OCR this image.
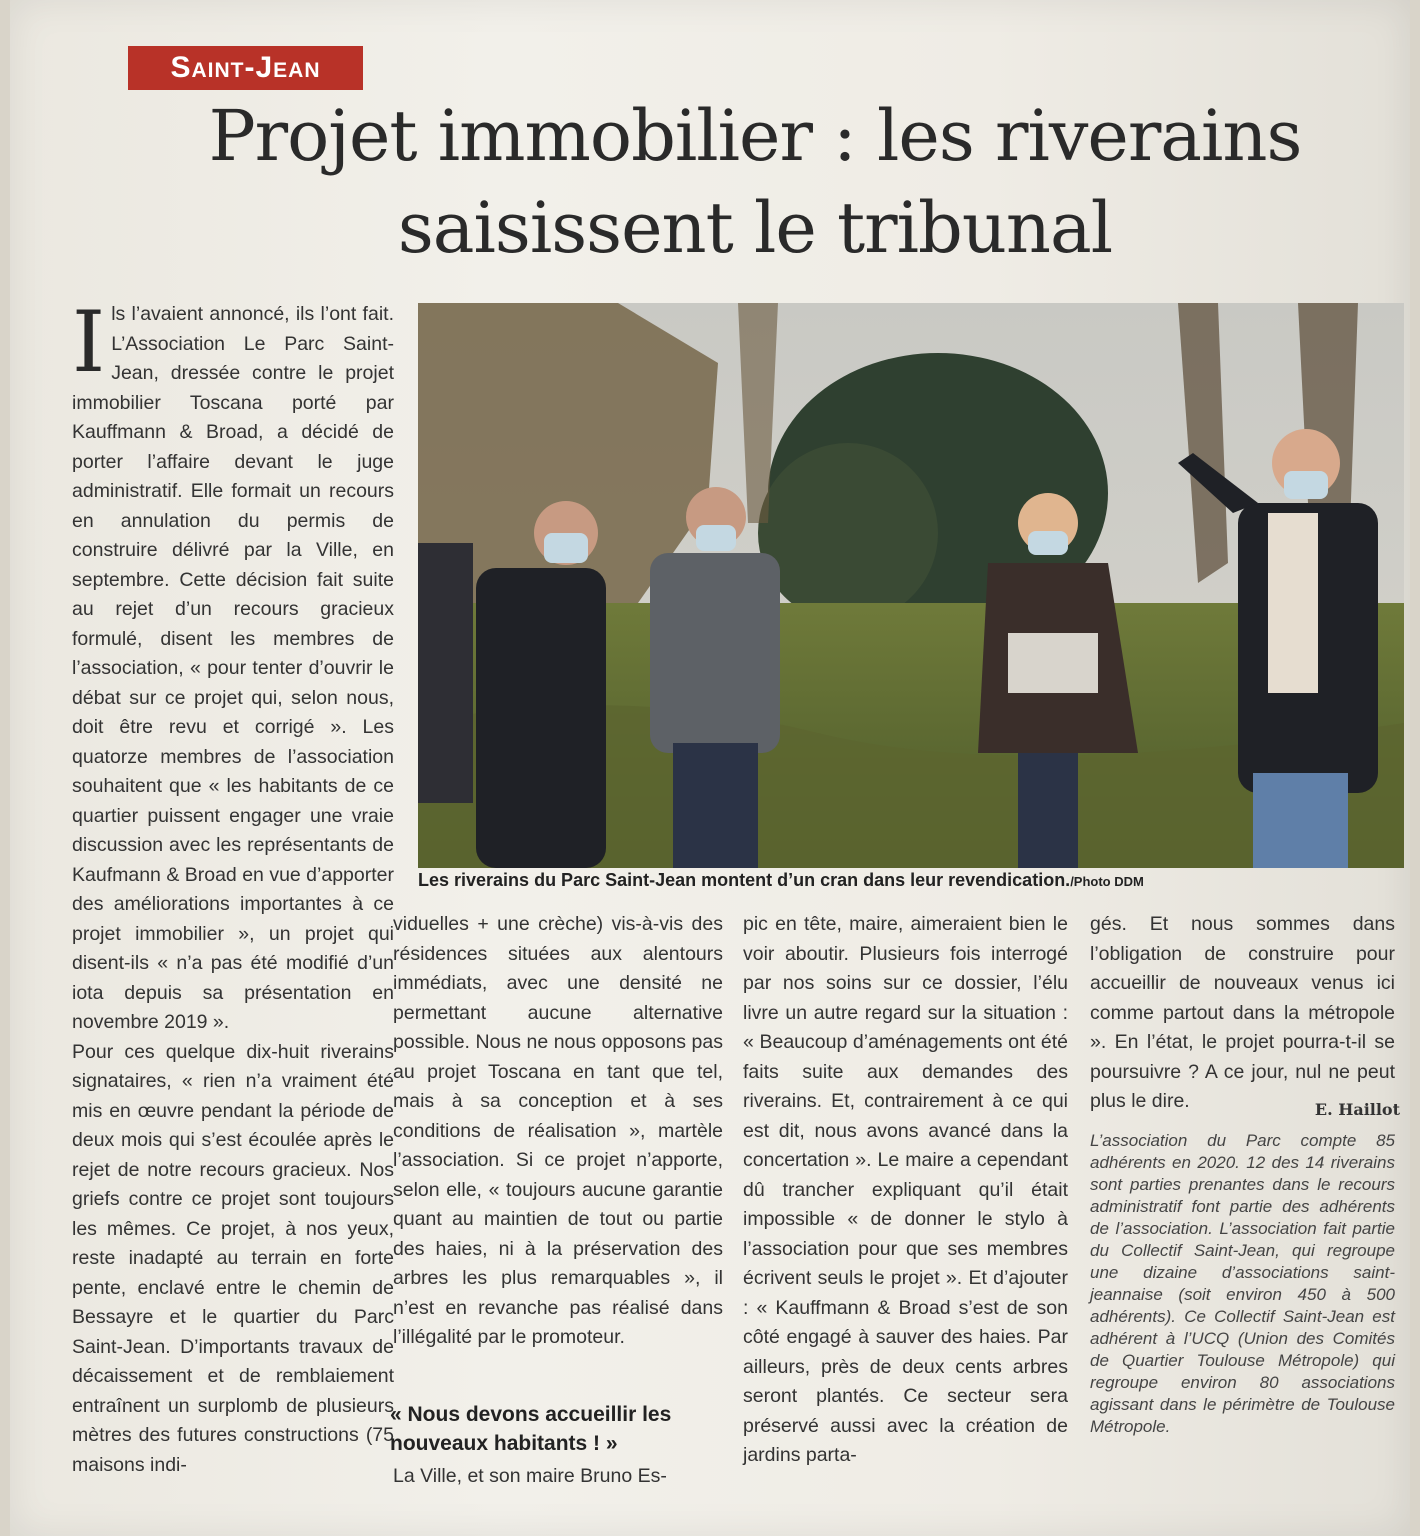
Saint-Jean
Projet immobilier : les riverains
saisissent le tribunal

I ls l’avaient annoncé, ils l’ont fait. L’Association Le Parc Saint-Jean, dressée contre le projet immobilier Toscana porté par Kauffmann & Broad, a décidé de porter l’affaire devant le juge administratif. Elle formait un recours en annulation du permis de construire délivré par la Ville, en septembre. Cette décision fait suite au rejet d’un recours gracieux formulé, disent les membres de l’association, « pour tenter d’ouvrir le débat sur ce projet qui, selon nous, doit être revu et corrigé ». Les quatorze membres de l’association souhaitent que « les habitants de ce quartier puissent engager une vraie discussion avec les représentants de Kaufmann & Broad en vue d’apporter des améliorations importantes à ce projet immobilier », un projet qui disent-ils « n’a pas été modifié d’un iota depuis sa présentation en novembre 2019 ».

Pour ces quelque dix-huit riverains signataires, « rien n’a vraiment été mis en œuvre pendant la période de deux mois qui s’est écoulée après le rejet de notre recours gracieux. Nos griefs contre ce projet sont toujours les mêmes. Ce projet, à nos yeux, reste inadapté au terrain en forte pente, enclavé entre le chemin de Bessayre et le quartier du Parc Saint-Jean. D’importants travaux de décaissement et de remblaiement entraînent un surplomb de plusieurs mètres des futures constructions (75 maisons indi-

Les riverains du Parc Saint-Jean montent d’un cran dans leur revendication./Photo DDM

viduelles + une crèche) vis-à-vis des résidences situées aux alentours immédiats, avec une densité ne permettant aucune alternative possible. Nous ne nous opposons pas au projet Toscana en tant que tel, mais à sa conception et à ses conditions de réalisation », martèle l’association. Si ce projet n’apporte, selon elle, « toujours aucune garantie quant au maintien de tout ou partie des haies, ni à la préservation des arbres les plus remarquables », il n’est en revanche pas réalisé dans l’illégalité par le promoteur.

« Nous devons accueillir les nouveaux habitants ! »

La Ville, et son maire Bruno Es-

pic en tête, maire, aimeraient bien le voir aboutir. Plusieurs fois interrogé par nos soins sur ce dossier, l’élu livre un autre regard sur la situation : « Beaucoup d’aménagements ont été faits suite aux demandes des riverains. Et, contrairement à ce qui est dit, nous avons avancé dans la concertation ». Le maire a cependant dû trancher expliquant qu’il était impossible « de donner le stylo à l’association pour que ses membres écrivent seuls le projet ». Et d’ajouter : « Kauffmann & Broad s’est de son côté engagé à sauver des haies. Par ailleurs, près de deux cents arbres seront plantés. Ce secteur sera préservé aussi avec la création de jardins parta-

gés. Et nous sommes dans l’obligation de construire pour accueillir de nouveaux venus ici comme partout dans la métropole ». En l’état, le projet pourra-t-il se poursuivre ? A ce jour, nul ne peut plus le dire.	E. Haillot

L’association du Parc compte 85 adhérents en 2020. 12 des 14 riverains sont parties prenantes dans le recours administratif font partie des adhérents de l’association. L’association fait partie du Collectif Saint-Jean, qui regroupe une dizaine d’associations saint-jeannaise (soit environ 450 à 500 adhérents). Ce Collectif Saint-Jean est adhérent à l’UCQ (Union des Comités de Quartier Toulouse Métropole) qui regroupe environ 80 associations agissant dans le périmètre de Toulouse Métropole.
